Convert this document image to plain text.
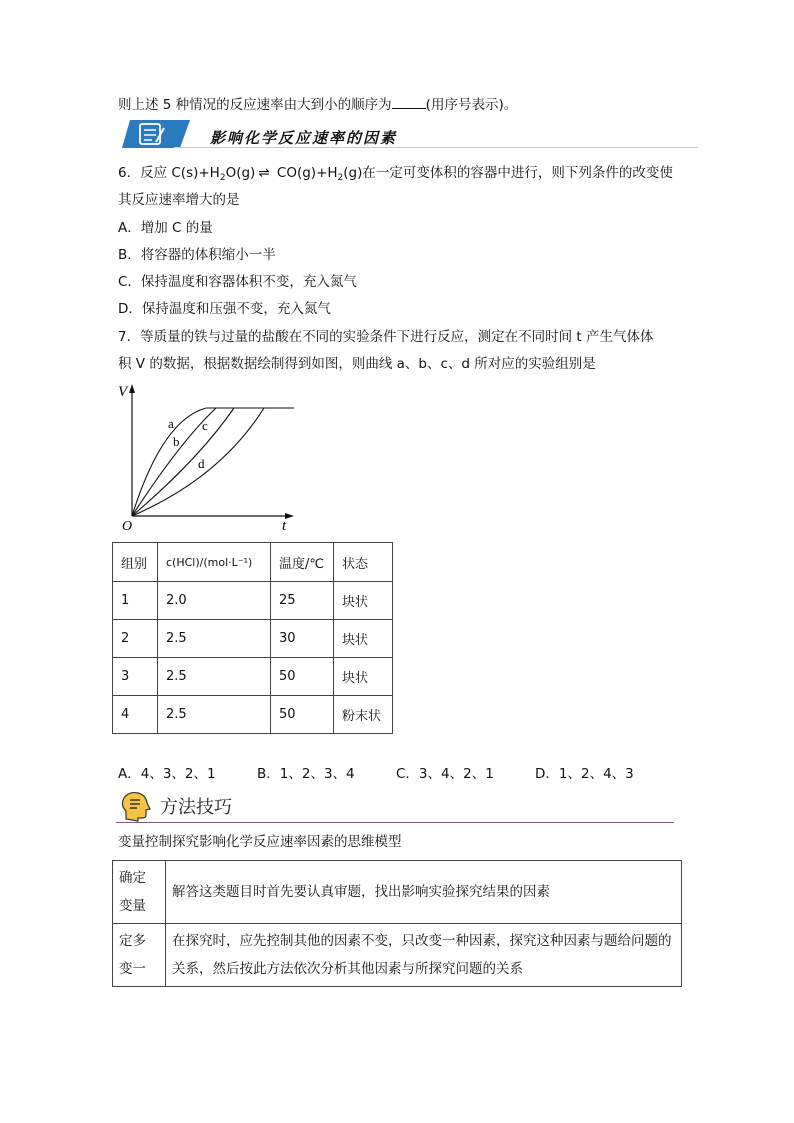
则上述 5 种情况的反应速率由大到小的顺序为	(用序号表示)。
影响化学反应速率的因素
6．反应 $C(s)+H_2O(g)$ ⇌ $CO(g)+H_2(g)$在一定可变体积的容器中进行，则下列条件的改变使
其反应速率增大的是
A．增加 C 的量
B．将容器的体积缩小一半
C．保持温度和容器体积不变，充入氮气
D．保持温度和压强不变，充入氮气
7．等质量的铁与过量的盐酸在不同的实验条件下进行反应，测定在不同时间 t 产生气体体
积 V 的数据，根据数据绘制得到如图，则曲线 a、b、c、d 所对应的实验组别是
V
t
O
a
b
c
d
组别	c(HCl)/(mol·L⁻¹)	温度/℃	状态
1	2.0	25	块状
2	2.5	30	块状
3	2.5	50	块状
4	2.5	50	粉末状
A．4、3、2、1	B．1、2、3、4	C．3、4、2、1	D．1、2、4、3
方法技巧
变量控制探究影响化学反应速率因素的思维模型
确定变量	解答这类题目时首先要认真审题，找出影响实验探究结果的因素
定多变一	在探究时，应先控制其他的因素不变，只改变一种因素，探究这种因素与题给问题的关系，然后按此方法依次分析其他因素与所探究问题的关系
